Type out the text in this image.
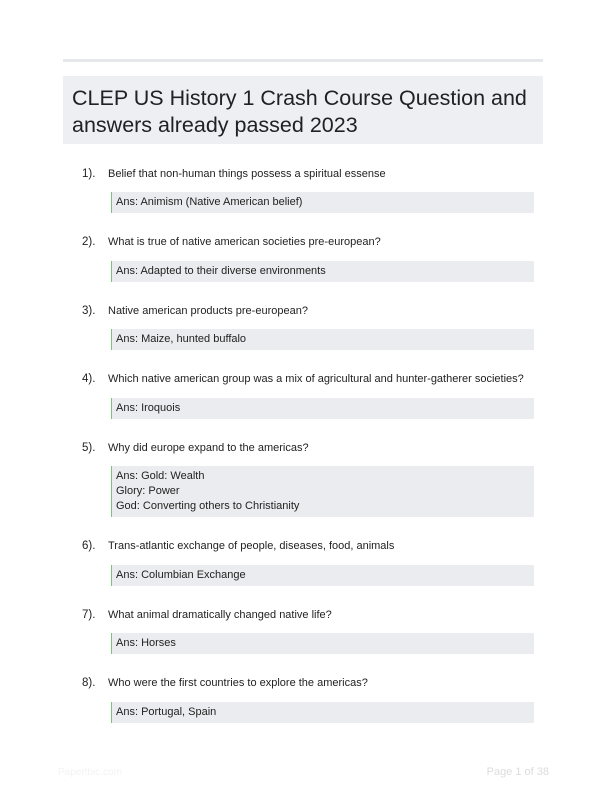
CLEP US History 1 Crash Course Question and answers already passed 2023
1). Belief that non-human things possess a spiritual essense
Ans: Animism (Native American belief)
2). What is true of native american societies pre-european?
Ans: Adapted to their diverse environments
3). Native american products pre-european?
Ans: Maize, hunted buffalo
4). Which native american group was a mix of agricultural and hunter-gatherer societies?
Ans: Iroquois
5). Why did europe expand to the americas?
Ans: Gold: Wealth
Glory: Power
God: Converting others to Christianity
6). Trans-atlantic exchange of people, diseases, food, animals
Ans: Columbian Exchange
7). What animal dramatically changed native life?
Ans: Horses
8). Who were the first countries to explore the americas?
Ans: Portugal, Spain
Papertbic.com	Page 1 of 38
